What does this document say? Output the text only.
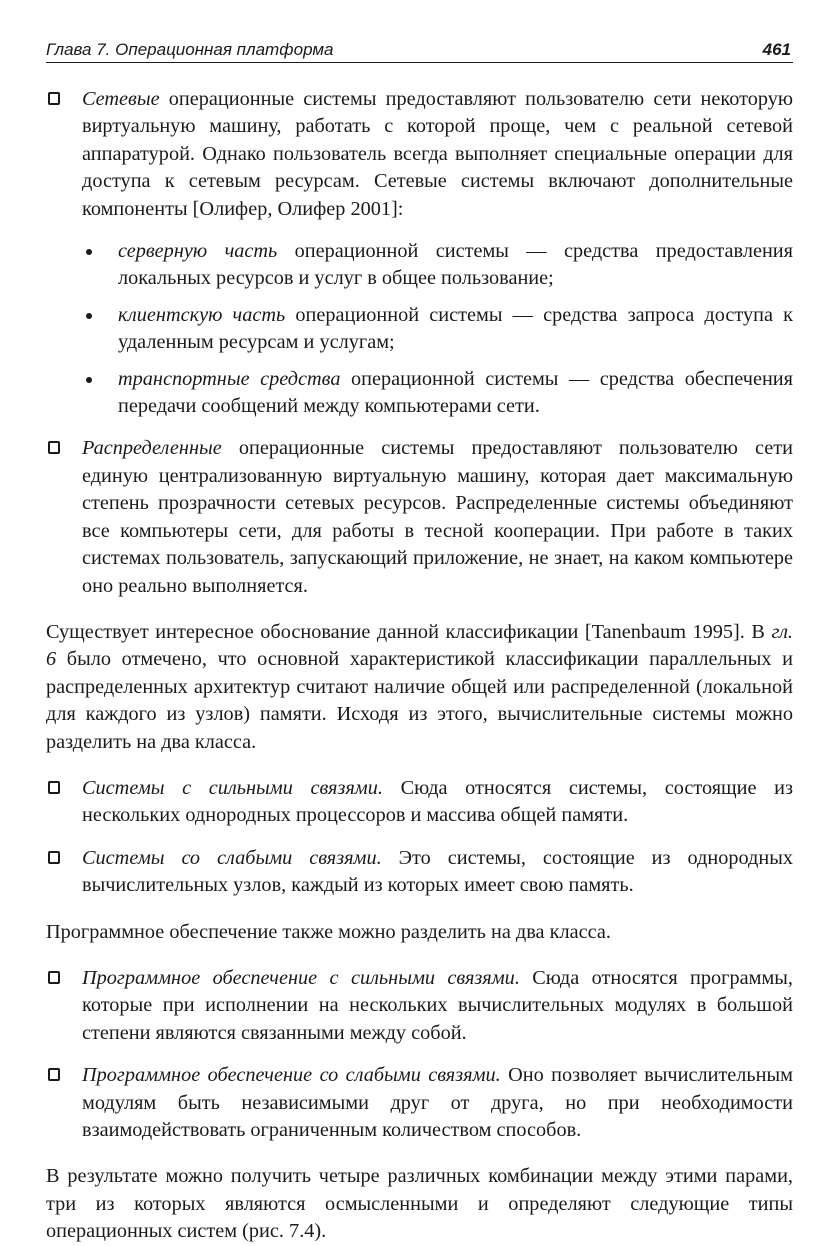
Глава 7. Операционная платформа	461
Сетевые операционные системы предоставляют пользователю сети некоторую виртуальную машину, работать с которой проще, чем с реальной сетевой аппаратурой. Однако пользователь всегда выполняет специальные операции для доступа к сетевым ресурсам. Сетевые системы включают дополнительные компоненты [Олифер, Олифер 2001]:
серверную часть операционной системы — средства предоставления локальных ресурсов и услуг в общее пользование;
клиентскую часть операционной системы — средства запроса доступа к удаленным ресурсам и услугам;
транспортные средства операционной системы — средства обеспечения передачи сообщений между компьютерами сети.
Распределенные операционные системы предоставляют пользователю сети единую централизованную виртуальную машину, которая дает максимальную степень прозрачности сетевых ресурсов. Распределенные системы объединяют все компьютеры сети, для работы в тесной кооперации. При работе в таких системах пользователь, запускающий приложение, не знает, на каком компьютере оно реально выполняется.

Существует интересное обоснование данной классификации [Tanenbaum 1995]. В гл. 6 было отмечено, что основной характеристикой классификации параллельных и распределенных архитектур считают наличие общей или распределенной (локальной для каждого из узлов) памяти. Исходя из этого, вычислительные системы можно разделить на два класса.

Системы с сильными связями. Сюда относятся системы, состоящие из нескольких однородных процессоров и массива общей памяти.
Системы со слабыми связями. Это системы, состоящие из однородных вычислительных узлов, каждый из которых имеет свою память.

Программное обеспечение также можно разделить на два класса.

Программное обеспечение с сильными связями. Сюда относятся программы, которые при исполнении на нескольких вычислительных модулях в большой степени являются связанными между собой.
Программное обеспечение со слабыми связями. Оно позволяет вычислительным модулям быть независимыми друг от друга, но при необходимости взаимодействовать ограниченным количеством способов.

В результате можно получить четыре различных комбинации между этими парами, три из которых являются осмысленными и определяют следующие типы операционных систем (рис. 7.4).
